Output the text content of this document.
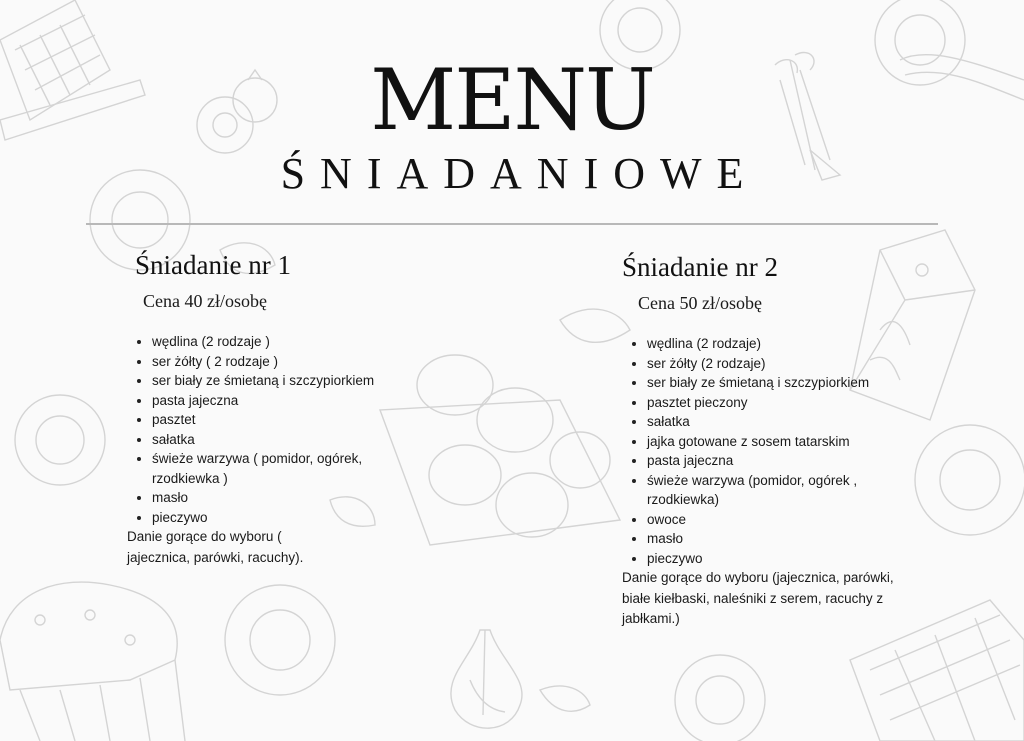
MENU
ŚNIADANIOWE
Śniadanie nr 1
Cena 40 zł/osobę
wędlina (2 rodzaje )
ser żółty ( 2 rodzaje )
ser biały ze śmietaną i szczypiorkiem
pasta jajeczna
pasztet
sałatka
świeże warzywa ( pomidor, ogórek, rzodkiewka )
masło
pieczywo
Danie gorące do wyboru ( jajecznica, parówki, racuchy).
Śniadanie nr 2
Cena 50 zł/osobę
wędlina (2 rodzaje)
ser żółty (2 rodzaje)
ser biały ze śmietaną i szczypiorkiem
pasztet pieczony
sałatka
jajka gotowane z sosem tatarskim
pasta jajeczna
świeże warzywa (pomidor, ogórek , rzodkiewka)
owoce
masło
pieczywo
Danie gorące do wyboru (jajecznica, parówki, białe kiełbaski, naleśniki z serem, racuchy z jabłkami.)
